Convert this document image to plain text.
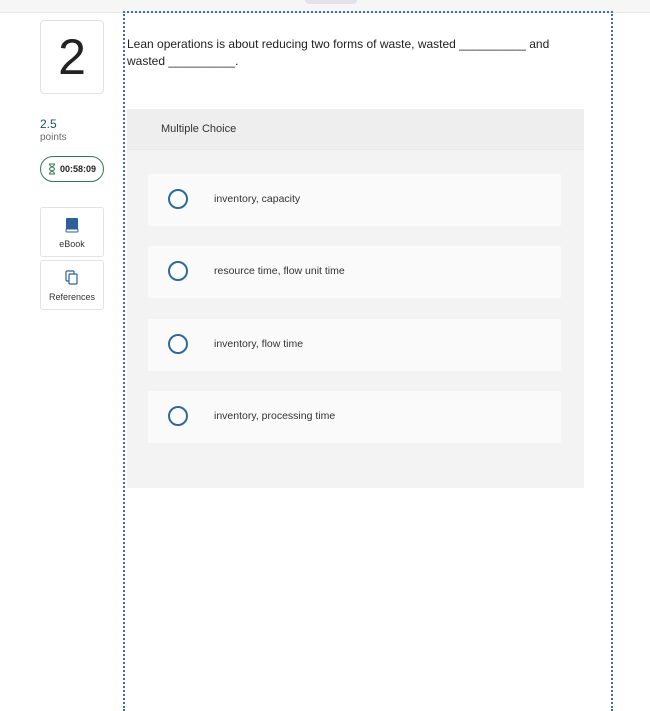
2
2.5
points
00:58:09
eBook
References
Lean operations is about reducing two forms of waste, wasted __________ and wasted __________.
Multiple Choice
inventory, capacity
resource time, flow unit time
inventory, flow time
inventory, processing time
